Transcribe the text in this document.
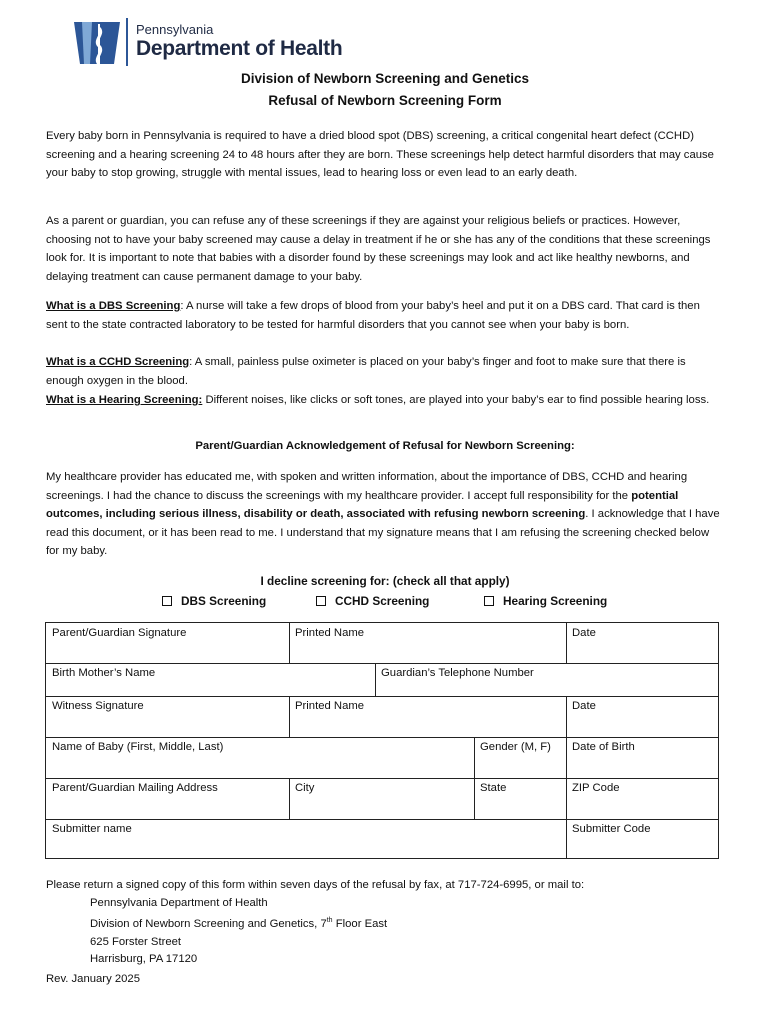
Pennsylvania
Department of Health
Division of Newborn Screening and Genetics
Refusal of Newborn Screening Form
Every baby born in Pennsylvania is required to have a dried blood spot (DBS) screening, a critical congenital heart defect (CCHD) screening and a hearing screening 24 to 48 hours after they are born. These screenings help detect harmful disorders that may cause your baby to stop growing, struggle with mental issues, lead to hearing loss or even lead to an early death.
As a parent or guardian, you can refuse any of these screenings if they are against your religious beliefs or practices. However, choosing not to have your baby screened may cause a delay in treatment if he or she has any of the conditions that these screenings look for. It is important to note that babies with a disorder found by these screenings may look and act like healthy newborns, and delaying treatment can cause permanent damage to your baby.
What is a DBS Screening: A nurse will take a few drops of blood from your baby’s heel and put it on a DBS card. That card is then sent to the state contracted laboratory to be tested for harmful disorders that you cannot see when your baby is born.
What is a CCHD Screening: A small, painless pulse oximeter is placed on your baby’s finger and foot to make sure that there is enough oxygen in the blood.
What is a Hearing Screening: Different noises, like clicks or soft tones, are played into your baby’s ear to find possible hearing loss.
Parent/Guardian Acknowledgement of Refusal for Newborn Screening:
My healthcare provider has educated me, with spoken and written information, about the importance of DBS, CCHD and hearing screenings. I had the chance to discuss the screenings with my healthcare provider. I accept full responsibility for the potential outcomes, including serious illness, disability or death, associated with refusing newborn screening. I acknowledge that I have read this document, or it has been read to me. I understand that my signature means that I am refusing the screening checked below for my baby.
I decline screening for: (check all that apply)
DBS Screening	CCHD Screening	Hearing Screening
Parent/Guardian Signature	Printed Name	Date
Birth Mother’s Name	Guardian’s Telephone Number
Witness Signature	Printed Name	Date
Name of Baby (First, Middle, Last)	Gender (M, F)	Date of Birth
Parent/Guardian Mailing Address	City	State	ZIP Code
Submitter name	Submitter Code
Please return a signed copy of this form within seven days of the refusal by fax, at 717-724-6995, or mail to:
Pennsylvania Department of Health
Division of Newborn Screening and Genetics, 7th Floor East
625 Forster Street
Harrisburg, PA 17120
Rev. January 2025
